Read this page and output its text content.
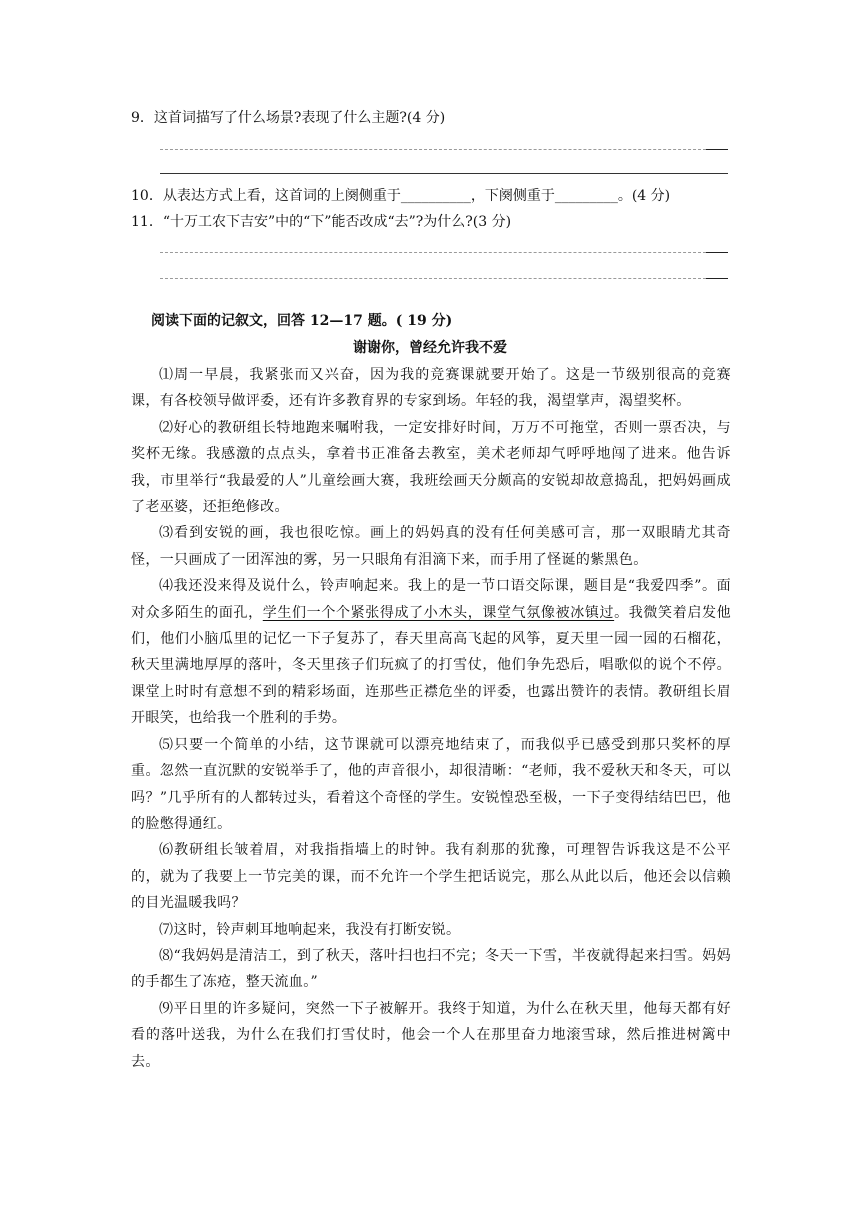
9．这首词描写了什么场景?表现了什么主题?(4 分)
10．从表达方式上看，这首词的上阕侧重于__________，下阕侧重于_________。(4 分)
11．“十万工农下吉安”中的“下”能否改成“去”?为什么?(3 分)
阅读下面的记叙文，回答 12—17 题。( 19 分)
谢谢你，曾经允许我不爱

⑴周一早晨，我紧张而又兴奋，因为我的竞赛课就要开始了。这是一节级别很高的竞赛课，有各校领导做评委，还有许多教育界的专家到场。年轻的我，渴望掌声，渴望奖杯。

⑵好心的教研组长特地跑来嘱咐我，一定安排好时间，万万不可拖堂，否则一票否决，与奖杯无缘。我感激的点点头，拿着书正准备去教室，美术老师却气呼呼地闯了进来。他告诉我，市里举行“我最爱的人”儿童绘画大赛，我班绘画天分颇高的安锐却故意捣乱，把妈妈画成了老巫婆，还拒绝修改。

⑶看到安锐的画，我也很吃惊。画上的妈妈真的没有任何美感可言，那一双眼睛尤其奇怪，一只画成了一团浑浊的雾，另一只眼角有泪滴下来，而手用了怪诞的紫黑色。

⑷我还没来得及说什么，铃声响起来。我上的是一节口语交际课，题目是“我爱四季”。面对众多陌生的面孔，学生们一个个紧张得成了小木头，课堂气氛像被冰镇过。我微笑着启发他们，他们小脑瓜里的记忆一下子复苏了，春天里高高飞起的风筝，夏天里一园一园的石榴花，秋天里满地厚厚的落叶，冬天里孩子们玩疯了的打雪仗，他们争先恐后，唱歌似的说个不停。课堂上时时有意想不到的精彩场面，连那些正襟危坐的评委，也露出赞许的表情。教研组长眉开眼笑，也给我一个胜利的手势。

⑸只要一个简单的小结，这节课就可以漂亮地结束了，而我似乎已感受到那只奖杯的厚重。忽然一直沉默的安锐举手了，他的声音很小，却很清晰：“老师，我不爱秋天和冬天，可以吗？”几乎所有的人都转过头，看着这个奇怪的学生。安锐惶恐至极，一下子变得结结巴巴，他的脸憋得通红。

⑹教研组长皱着眉，对我指指墙上的时钟。我有刹那的犹豫，可理智告诉我这是不公平的，就为了我要上一节完美的课，而不允许一个学生把话说完，那么从此以后，他还会以信赖的目光温暖我吗？

⑺这时，铃声刺耳地响起来，我没有打断安锐。

⑻“我妈妈是清洁工，到了秋天，落叶扫也扫不完；冬天一下雪，半夜就得起来扫雪。妈妈的手都生了冻疮，整天流血。”

⑼平日里的许多疑问，突然一下子被解开。我终于知道，为什么在秋天里，他每天都有好看的落叶送我，为什么在我们打雪仗时，他会一个人在那里奋力地滚雪球，然后推进树篱中去。
